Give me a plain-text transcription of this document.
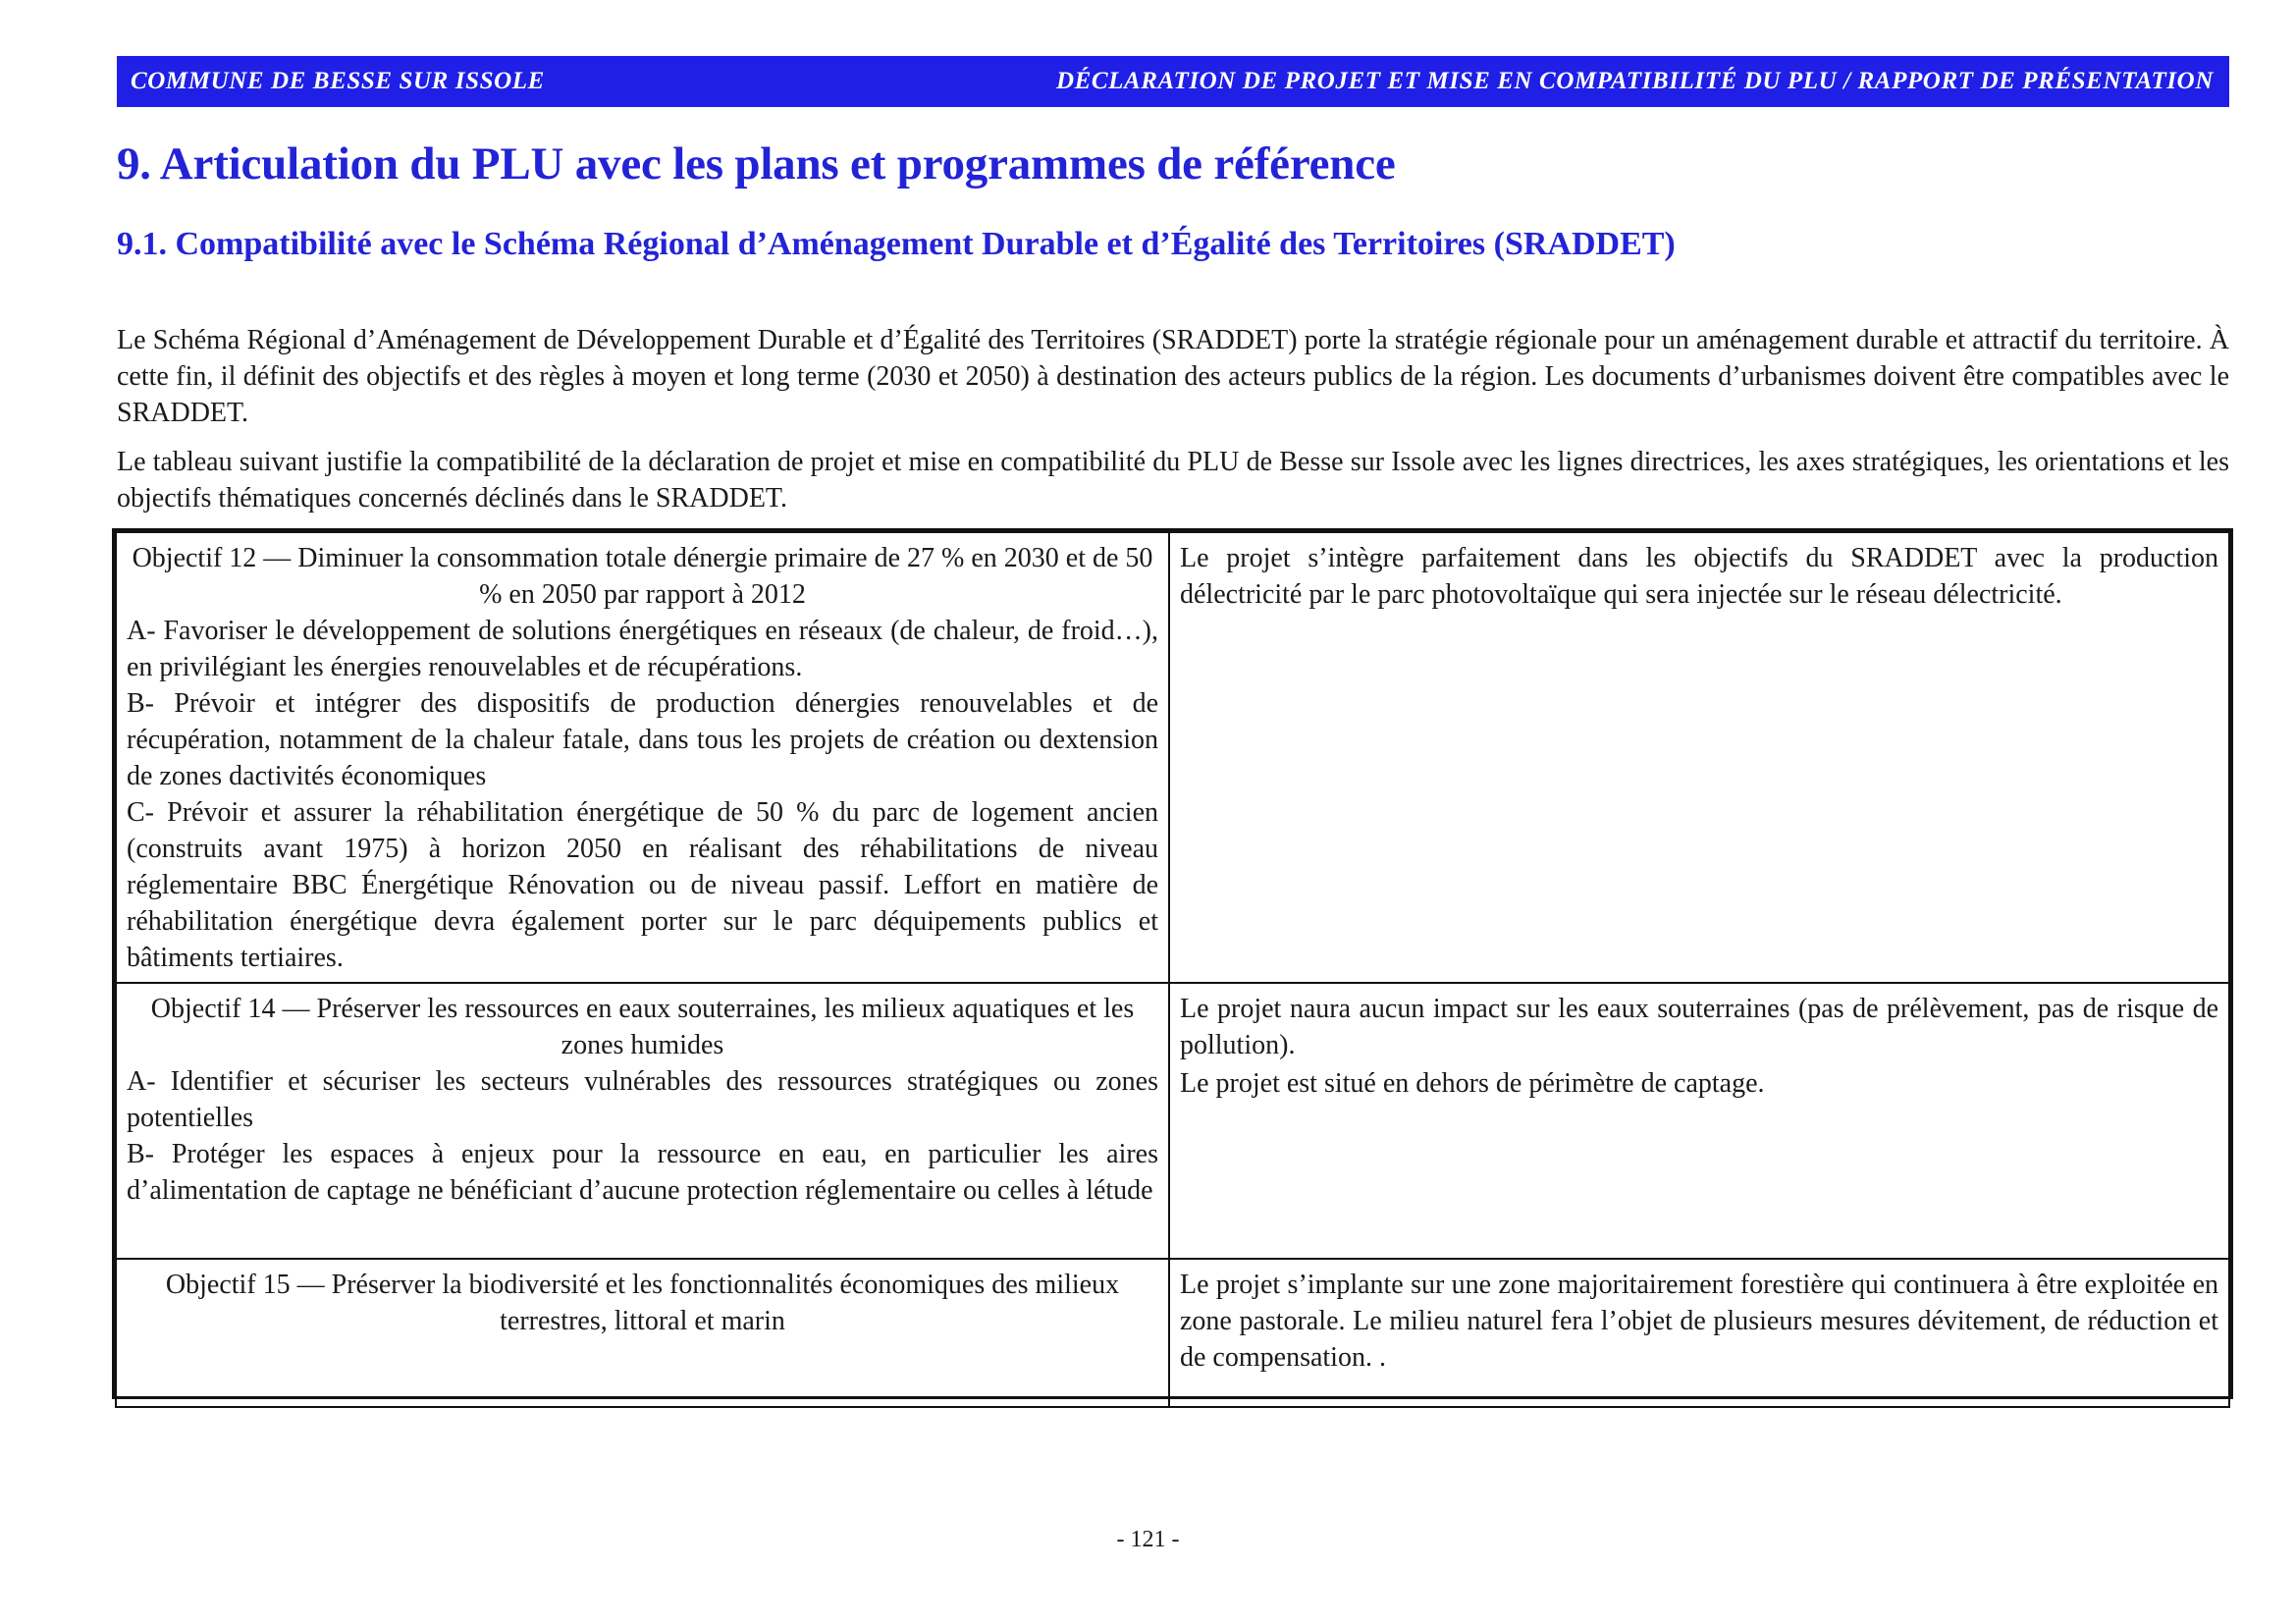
COMMUNE DE BESSE SUR ISSOLE	DÉCLARATION DE PROJET ET MISE EN COMPATIBILITÉ DU PLU / RAPPORT DE PRÉSENTATION
9. Articulation du PLU avec les plans et programmes de référence
9.1. Compatibilité avec le Schéma Régional d’Aménagement Durable et d’Égalité des Territoires (SRADDET)

Le Schéma Régional d’Aménagement de Développement Durable et d’Égalité des Territoires (SRADDET) porte la stratégie régionale pour un aménagement durable et attractif du territoire. À cette fin, il définit des objectifs et des règles à moyen et long terme (2030 et 2050) à destination des acteurs publics de la région. Les documents d’urbanismes doivent être compatibles avec le SRADDET.

Le tableau suivant justifie la compatibilité de la déclaration de projet et mise en compatibilité du PLU de Besse sur Issole avec les lignes directrices, les axes stratégiques, les orientations et les objectifs thématiques concernés déclinés dans le SRADDET.

Objectif 12 — Diminuer la consommation totale dénergie primaire de 27 % en 2030 et de 50 % en 2050 par rapport à 2012
A- Favoriser le développement de solutions énergétiques en réseaux (de chaleur, de froid…), en privilégiant les énergies renouvelables et de récupérations.
B- Prévoir et intégrer des dispositifs de production dénergies renouvelables et de récupération, notamment de la chaleur fatale, dans tous les projets de création ou dextension de zones dactivités économiques
C- Prévoir et assurer la réhabilitation énergétique de 50 % du parc de logement ancien (construits avant 1975) à horizon 2050 en réalisant des réhabilitations de niveau réglementaire BBC Énergétique Rénovation ou de niveau passif. Leffort en matière de réhabilitation énergétique devra également porter sur le parc déquipements publics et bâtiments tertiaires.	Le projet s’intègre parfaitement dans les objectifs du SRADDET avec la production délectricité par le parc photovoltaïque qui sera injectée sur le réseau délectricité.

Objectif 14 — Préserver les ressources en eaux souterraines, les milieux aquatiques et les zones humides
A- Identifier et sécuriser les secteurs vulnérables des ressources stratégiques ou zones potentielles
B- Protéger les espaces à enjeux pour la ressource en eau, en particulier les aires d’alimentation de captage ne bénéficiant d’aucune protection réglementaire ou celles à létude	Le projet naura aucun impact sur les eaux souterraines (pas de prélèvement, pas de risque de pollution).
Le projet est situé en dehors de périmètre de captage.

Objectif 15 — Préserver la biodiversité et les fonctionnalités économiques des milieux terrestres, littoral et marin	Le projet s’implante sur une zone majoritairement forestière qui continuera à être exploitée en zone pastorale. Le milieu naturel fera l’objet de plusieurs mesures dévitement, de réduction et de compensation. .
- 121 -
